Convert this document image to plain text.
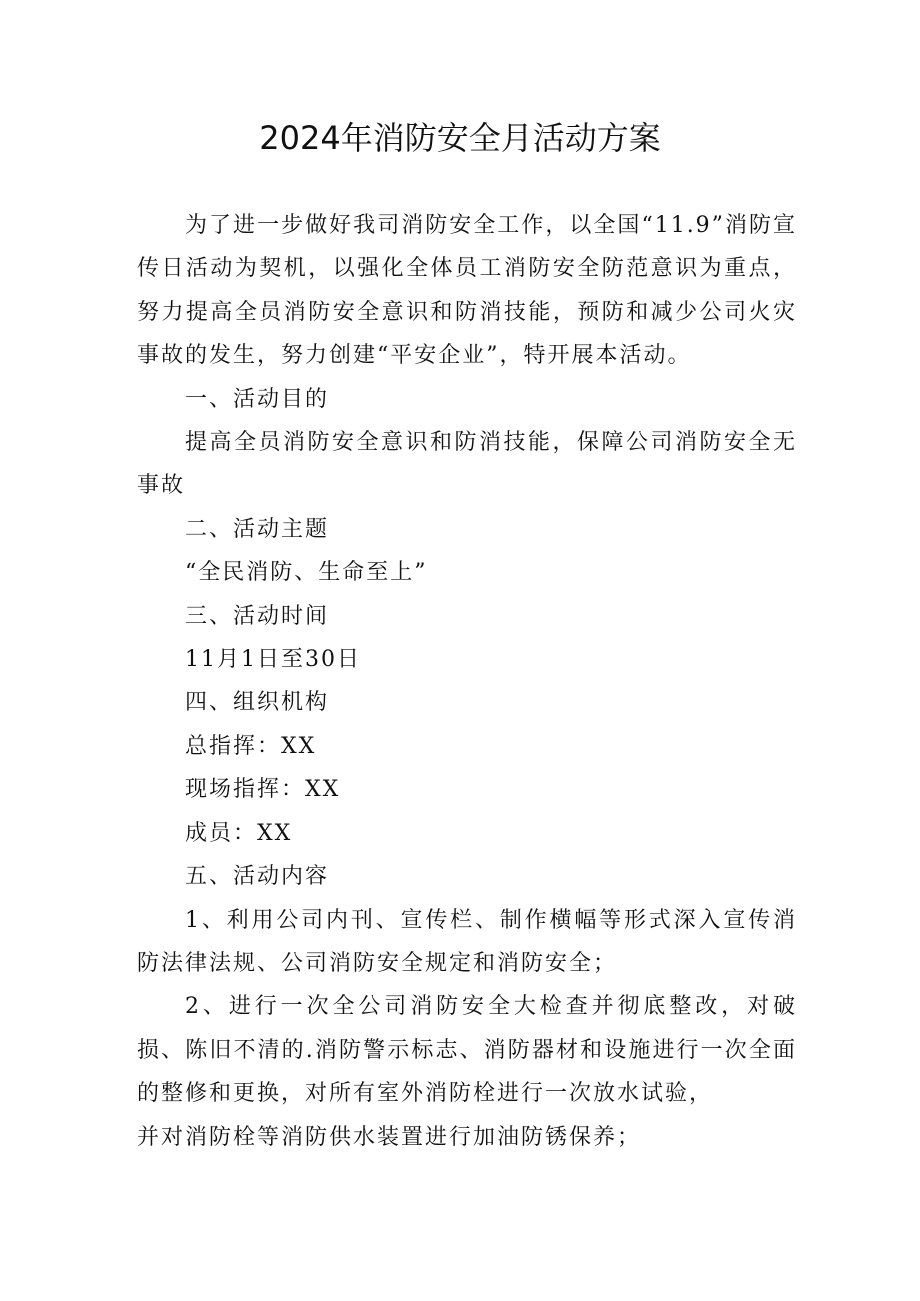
2024年消防安全月活动方案

为了进一步做好我司消防安全工作，以全国“11.9”消防宣传日活动为契机，以强化全体员工消防安全防范意识为重点，努力提高全员消防安全意识和防消技能，预防和减少公司火灾事故的发生，努力创建“平安企业”，特开展本活动。

一、活动目的

提高全员消防安全意识和防消技能，保障公司消防安全无事故

二、活动主题

“全民消防、生命至上”

三、活动时间

11月1日至30日

四、组织机构

总指挥：XX

现场指挥：XX

成员：XX

五、活动内容

1、利用公司内刊、宣传栏、制作横幅等形式深入宣传消防法律法规、公司消防安全规定和消防安全；

2、进行一次全公司消防安全大检查并彻底整改，对破损、陈旧不清的.消防警示标志、消防器材和设施进行一次全面的整修和更换，对所有室外消防栓进行一次放水试验，

并对消防栓等消防供水装置进行加油防锈保养；
